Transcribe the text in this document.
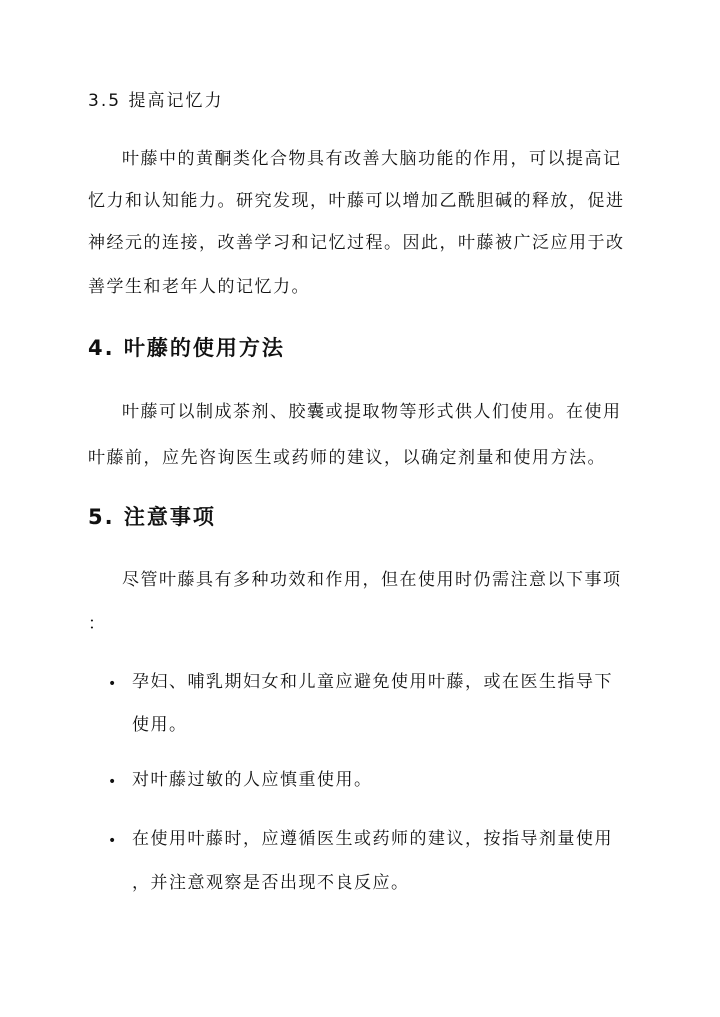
3.5 提高记忆力
叶藤中的黄酮类化合物具有改善大脑功能的作用，可以提高记
忆力和认知能力。研究发现，叶藤可以增加乙酰胆碱的释放，促进
神经元的连接，改善学习和记忆过程。因此，叶藤被广泛应用于改
善学生和老年人的记忆力。
4. 叶藤的使用方法
叶藤可以制成茶剂、胶囊或提取物等形式供人们使用。在使用
叶藤前，应先咨询医生或药师的建议，以确定剂量和使用方法。
5. 注意事项
尽管叶藤具有多种功效和作用，但在使用时仍需注意以下事项
：
• 孕妇、哺乳期妇女和儿童应避免使用叶藤，或在医生指导下
使用。
• 对叶藤过敏的人应慎重使用。
• 在使用叶藤时，应遵循医生或药师的建议，按指导剂量使用
，并注意观察是否出现不良反应。
